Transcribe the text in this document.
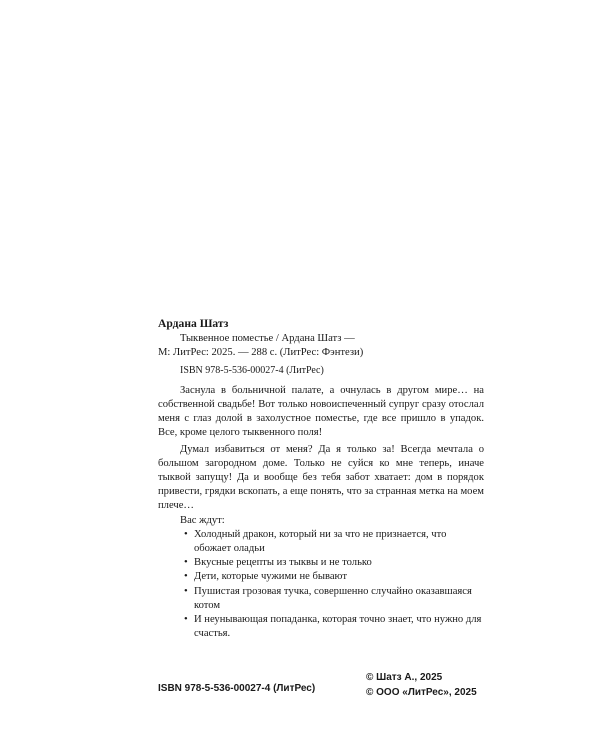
Ардана Шатз
Тыквенное поместье / Ардана Шатз —
М: ЛитРес: 2025. — 288 с. (ЛитРес: Фэнтези)
ISBN 978-5-536-00027-4 (ЛитРес)

Заснула в больничной палате, а очнулась в другом мире… на собственной свадьбе! Вот только новоиспеченный супруг сразу отослал меня с глаз долой в захолустное поместье, где все пришло в упадок. Все, кроме целого тыквенного поля!

Думал избавиться от меня? Да я только за! Всегда мечтала о большом загородном доме. Только не суйся ко мне теперь, иначе тыквой запущу! Да и вообще без тебя забот хватает: дом в порядок привести, грядки вскопать, а еще понять, что за странная метка на моем плече…

Вас ждут:
• Холодный дракон, который ни за что не признается, что обожает оладьи
• Вкусные рецепты из тыквы и не только
• Дети, которые чужими не бывают
• Пушистая грозовая тучка, совершенно случайно оказавшаяся котом
• И неунывающая попаданка, которая точно знает, что нужно для счастья.
ISBN 978-5-536-00027-4 (ЛитРес)
© Шатз А., 2025
© ООО «ЛитРес», 2025
